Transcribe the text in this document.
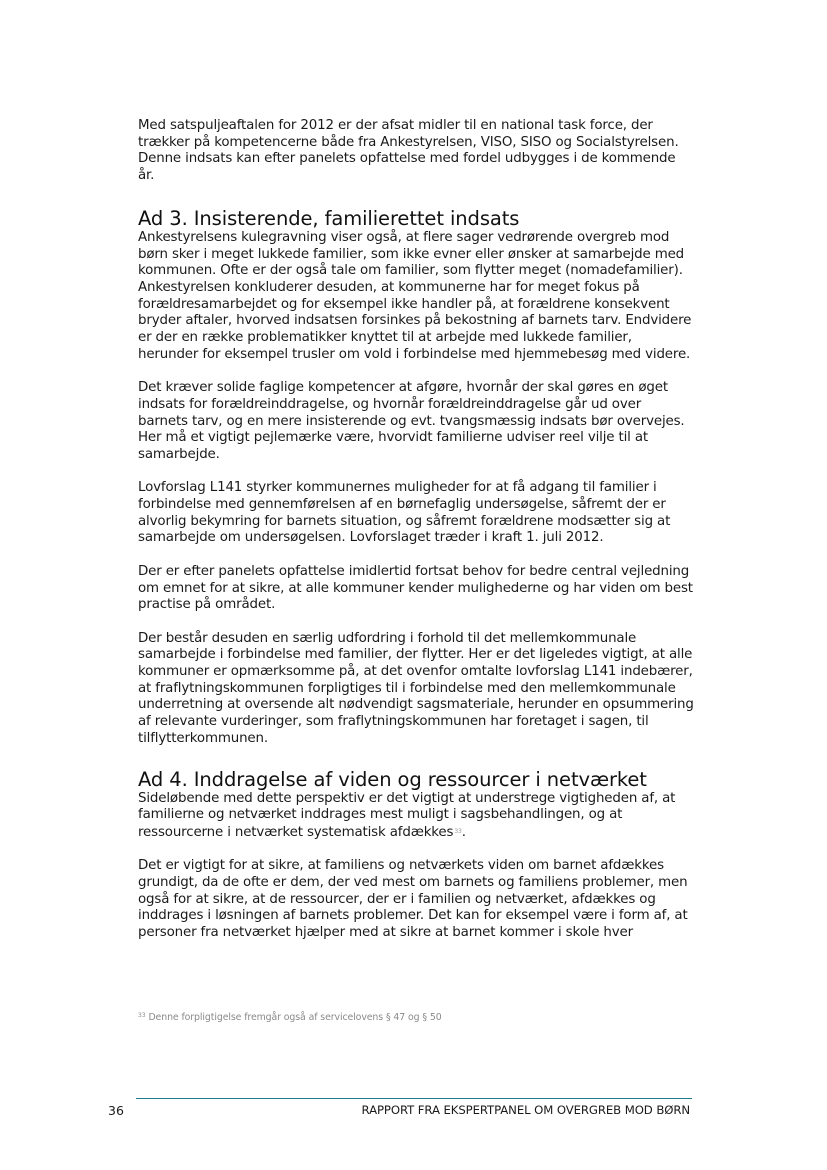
Med satspuljeaftalen for 2012 er der afsat midler til en national task force, der trækker på kompetencerne både fra Ankestyrelsen, VISO, SISO og Socialstyrelsen. Denne indsats kan efter panelets opfattelse med fordel udbygges i de kommende år.

Ad 3. Insisterende, familierettet indsats

Ankestyrelsens kulegravning viser også, at flere sager vedrørende overgreb mod børn sker i meget lukkede familier, som ikke evner eller ønsker at samarbejde med kommunen. Ofte er der også tale om familier, som flytter meget (nomadefamilier). Ankestyrelsen konkluderer desuden, at kommunerne har for meget fokus på forældresamarbejdet og for eksempel ikke handler på, at forældrene konsekvent bryder aftaler, hvorved indsatsen forsinkes på bekostning af barnets tarv. Endvidere er der en række problematikker knyttet til at arbejde med lukkede familier, herunder for eksempel trusler om vold i forbindelse med hjemmebesøg med videre.

Det kræver solide faglige kompetencer at afgøre, hvornår der skal gøres en øget indsats for forældreinddragelse, og hvornår forældreinddragelse går ud over barnets tarv, og en mere insisterende og evt. tvangsmæssig indsats bør overvejes. Her må et vigtigt pejlemærke være, hvorvidt familierne udviser reel vilje til at samarbejde.

Lovforslag L141 styrker kommunernes muligheder for at få adgang til familier i forbindelse med gennemførelsen af en børnefaglig undersøgelse, såfremt der er alvorlig bekymring for barnets situation, og såfremt forældrene modsætter sig at samarbejde om undersøgelsen. Lovforslaget træder i kraft 1. juli 2012.

Der er efter panelets opfattelse imidlertid fortsat behov for bedre central vejledning om emnet for at sikre, at alle kommuner kender mulighederne og har viden om best practise på området.

Der består desuden en særlig udfordring i forhold til det mellemkommunale samarbejde i forbindelse med familier, der flytter. Her er det ligeledes vigtigt, at alle kommuner er opmærksomme på, at det ovenfor omtalte lovforslag L141 indebærer, at fraflytningskommunen forpligtiges til i forbindelse med den mellemkommunale underretning at oversende alt nødvendigt sagsmateriale, herunder en opsummering af relevante vurderinger, som fraflytningskommunen har foretaget i sagen, til tilflytterkommunen.

Ad 4. Inddragelse af viden og ressourcer i netværket

Sideløbende med dette perspektiv er det vigtigt at understrege vigtigheden af, at familierne og netværket inddrages mest muligt i sagsbehandlingen, og at ressourcerne i netværket systematisk afdækkes$^{33}$.

Det er vigtigt for at sikre, at familiens og netværkets viden om barnet afdækkes grundigt, da de ofte er dem, der ved mest om barnets og familiens problemer, men også for at sikre, at de ressourcer, der er i familien og netværket, afdækkes og inddrages i løsningen af barnets problemer. Det kan for eksempel være i form af, at personer fra netværket hjælper med at sikre at barnet kommer i skole hver

$^{33}$ Denne forpligtigelse fremgår også af servicelovens § 47 og § 50
36	RAPPORT FRA EKSPERTPANEL OM OVERGREB MOD BØRN
